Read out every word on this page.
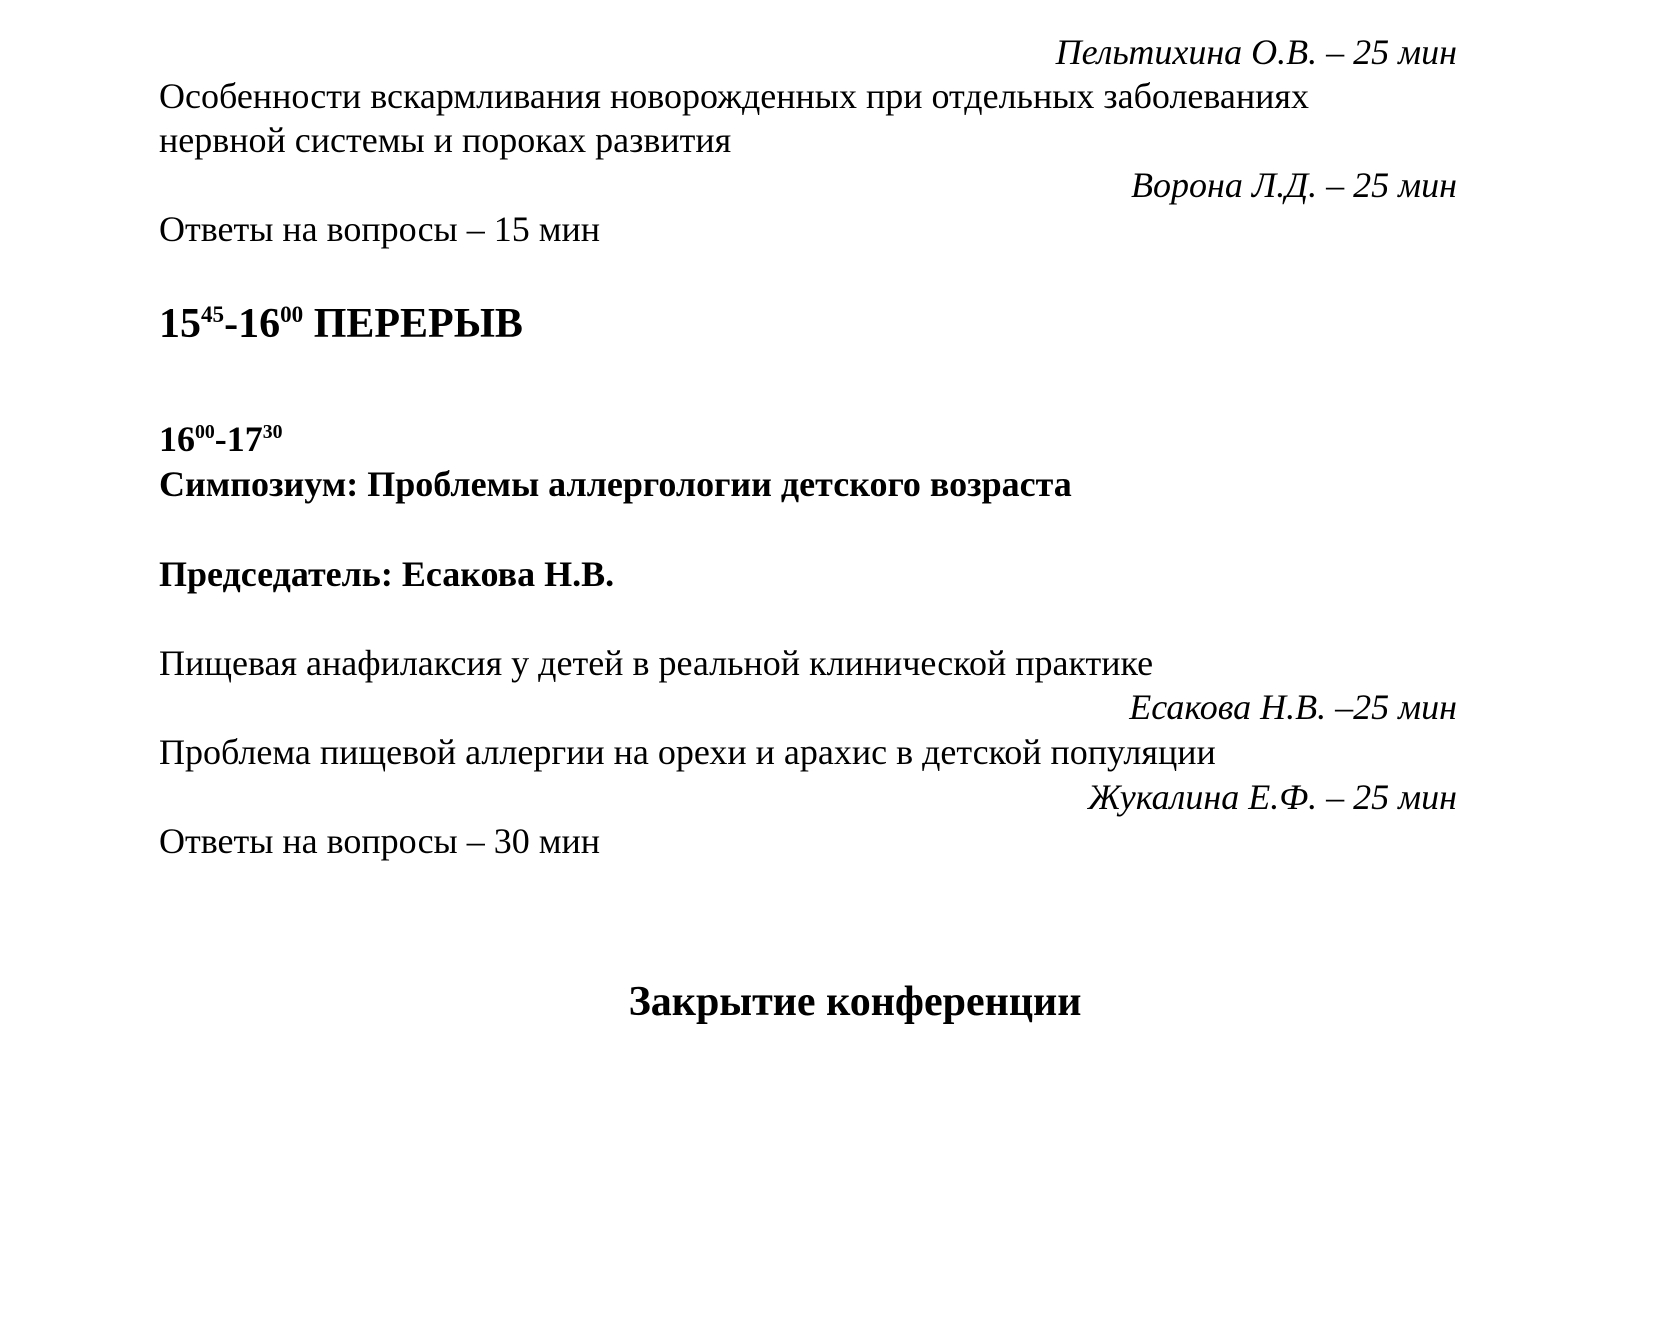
Пельтихина О.В. – 25 мин
Особенности вскармливания новорожденных при отдельных заболеваниях
нервной системы и пороках развития
Ворона Л.Д. – 25 мин
Ответы на вопросы – 15 мин
$15^{45}-16^{00}$ ПЕРЕРЫВ
$16^{00}-17^{30}$
Симпозиум: Проблемы аллергологии детского возраста
Председатель: Есакова Н.В.
Пищевая анафилаксия у детей в реальной клинической практике
Есакова Н.В. –25 мин
Проблема пищевой аллергии на орехи и арахис в детской популяции
Жукалина Е.Ф. – 25 мин
Ответы на вопросы – 30 мин
Закрытие конференции
